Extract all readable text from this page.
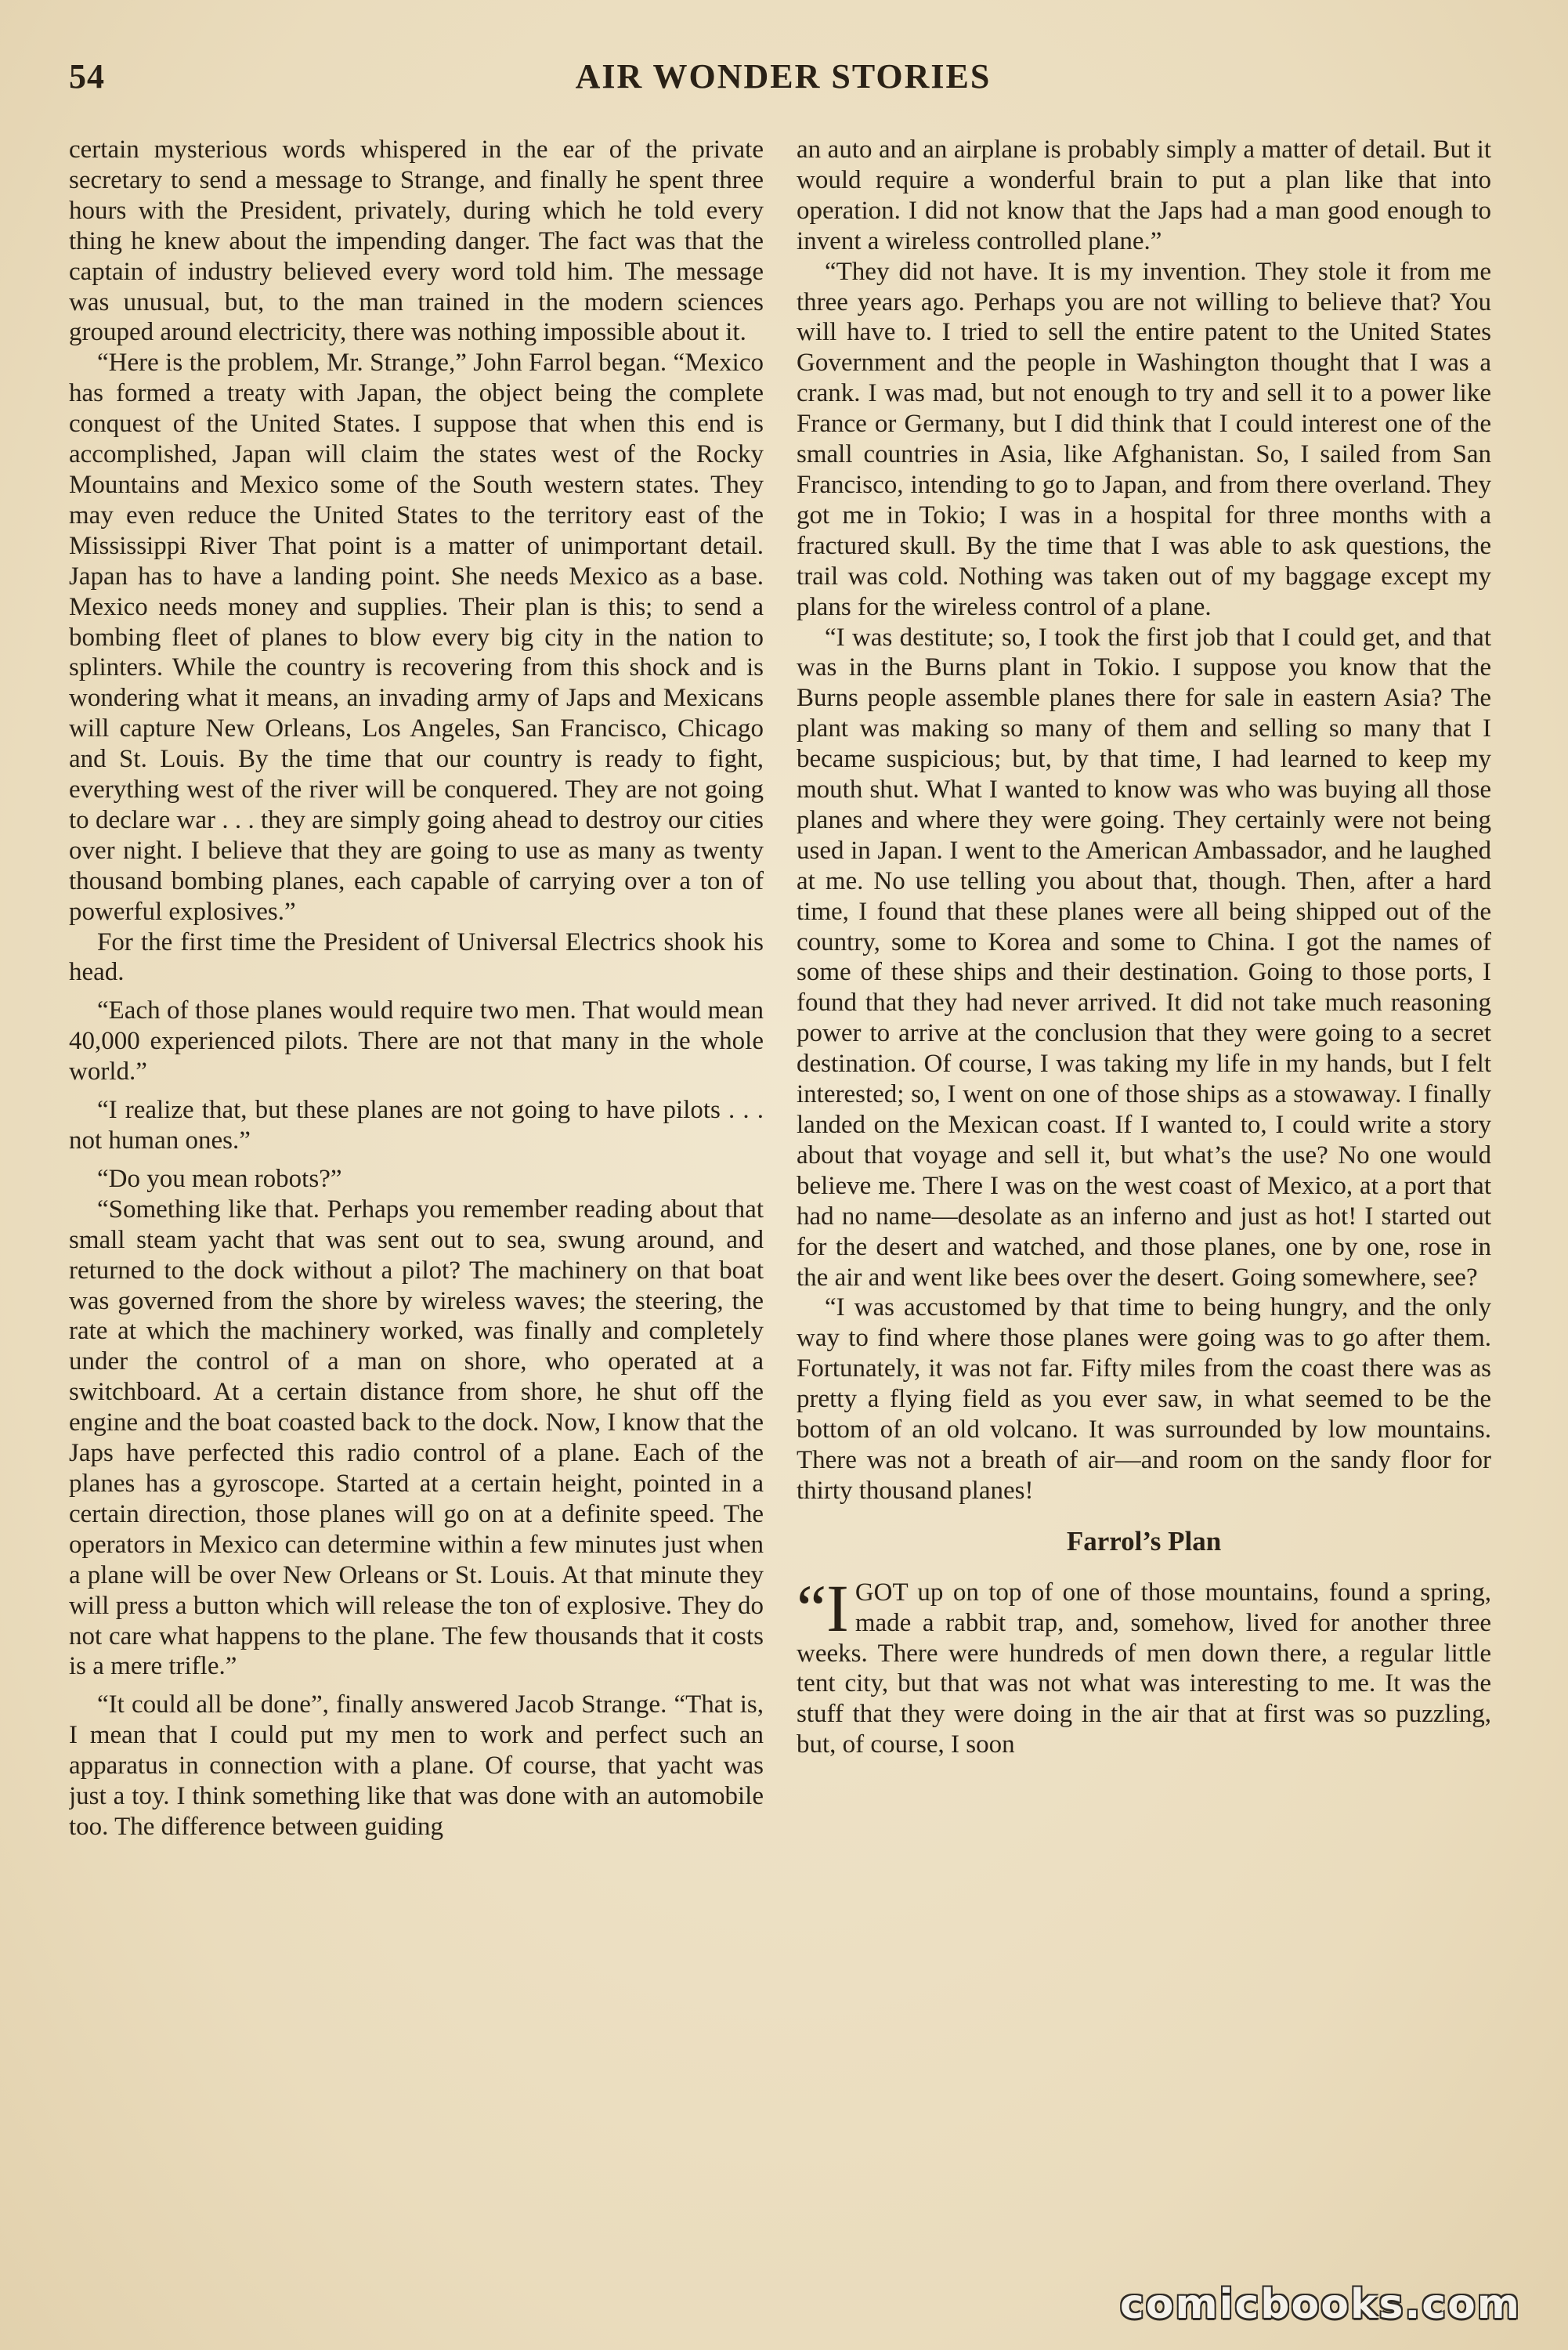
54	AIR WONDER STORIES

certain mysterious words whispered in the ear of the private secretary to send a message to Strange, and finally he spent three hours with the President, privately, during which he told every thing he knew about the impending danger. The fact was that the captain of industry believed every word told him. The message was unusual, but, to the man trained in the modern sciences grouped around electricity, there was nothing impossible about it.

“Here is the problem, Mr. Strange,” John Farrol began. “Mexico has formed a treaty with Japan, the object being the complete conquest of the United States. I suppose that when this end is accomplished, Japan will claim the states west of the Rocky Mountains and Mexico some of the South western states. They may even reduce the United States to the territory east of the Mississippi River That point is a matter of unimportant detail. Japan has to have a landing point. She needs Mexico as a base. Mexico needs money and supplies. Their plan is this; to send a bombing fleet of planes to blow every big city in the nation to splinters. While the country is recovering from this shock and is wondering what it means, an invading army of Japs and Mexicans will capture New Orleans, Los Angeles, San Francisco, Chicago and St. Louis. By the time that our country is ready to fight, everything west of the river will be conquered. They are not going to declare war . . . they are simply going ahead to destroy our cities over night. I believe that they are going to use as many as twenty thousand bombing planes, each capable of carrying over a ton of powerful explosives.”

For the first time the President of Universal Electrics shook his head.

“Each of those planes would require two men. That would mean 40,000 experienced pilots. There are not that many in the whole world.”

“I realize that, but these planes are not going to have pilots . . . not human ones.”

“Do you mean robots?”

“Something like that. Perhaps you remember reading about that small steam yacht that was sent out to sea, swung around, and returned to the dock without a pilot? The machinery on that boat was governed from the shore by wireless waves; the steering, the rate at which the machinery worked, was finally and completely under the control of a man on shore, who operated at a switchboard. At a certain distance from shore, he shut off the engine and the boat coasted back to the dock. Now, I know that the Japs have perfected this radio control of a plane. Each of the planes has a gyroscope. Started at a certain height, pointed in a certain direction, those planes will go on at a definite speed. The operators in Mexico can determine within a few minutes just when a plane will be over New Orleans or St. Louis. At that minute they will press a button which will release the ton of explosive. They do not care what happens to the plane. The few thousands that it costs is a mere trifle.”

“It could all be done”, finally answered Jacob Strange. “That is, I mean that I could put my men to work and perfect such an apparatus in connection with a plane. Of course, that yacht was just a toy. I think something like that was done with an automobile too. The difference between guiding

an auto and an airplane is probably simply a matter of detail. But it would require a wonderful brain to put a plan like that into operation. I did not know that the Japs had a man good enough to invent a wireless controlled plane.”

“They did not have. It is my invention. They stole it from me three years ago. Perhaps you are not willing to believe that? You will have to. I tried to sell the entire patent to the United States Government and the people in Washington thought that I was a crank. I was mad, but not enough to try and sell it to a power like France or Germany, but I did think that I could interest one of the small countries in Asia, like Afghanistan. So, I sailed from San Francisco, intending to go to Japan, and from there overland. They got me in Tokio; I was in a hospital for three months with a fractured skull. By the time that I was able to ask questions, the trail was cold. Nothing was taken out of my baggage except my plans for the wireless control of a plane.

“I was destitute; so, I took the first job that I could get, and that was in the Burns plant in Tokio. I suppose you know that the Burns people assemble planes there for sale in eastern Asia? The plant was making so many of them and selling so many that I became suspicious; but, by that time, I had learned to keep my mouth shut. What I wanted to know was who was buying all those planes and where they were going. They certainly were not being used in Japan. I went to the American Ambassador, and he laughed at me. No use telling you about that, though. Then, after a hard time, I found that these planes were all being shipped out of the country, some to Korea and some to China. I got the names of some of these ships and their destination. Going to those ports, I found that they had never arrived. It did not take much reasoning power to arrive at the conclusion that they were going to a secret destination. Of course, I was taking my life in my hands, but I felt interested; so, I went on one of those ships as a stowaway. I finally landed on the Mexican coast. If I wanted to, I could write a story about that voyage and sell it, but what’s the use? No one would believe me. There I was on the west coast of Mexico, at a port that had no name—desolate as an inferno and just as hot! I started out for the desert and watched, and those planes, one by one, rose in the air and went like bees over the desert. Going somewhere, see?

“I was accustomed by that time to being hungry, and the only way to find where those planes were going was to go after them. Fortunately, it was not far. Fifty miles from the coast there was as pretty a flying field as you ever saw, in what seemed to be the bottom of an old volcano. It was surrounded by low mountains. There was not a breath of air—and room on the sandy floor for thirty thousand planes!

Farrol’s Plan

“I GOT up on top of one of those mountains, found a spring, made a rabbit trap, and, somehow, lived for another three weeks. There were hundreds of men down there, a regular little tent city, but that was not what was interesting to me. It was the stuff that they were doing in the air that at first was so puzzling, but, of course, I soon

comicbooks.com
